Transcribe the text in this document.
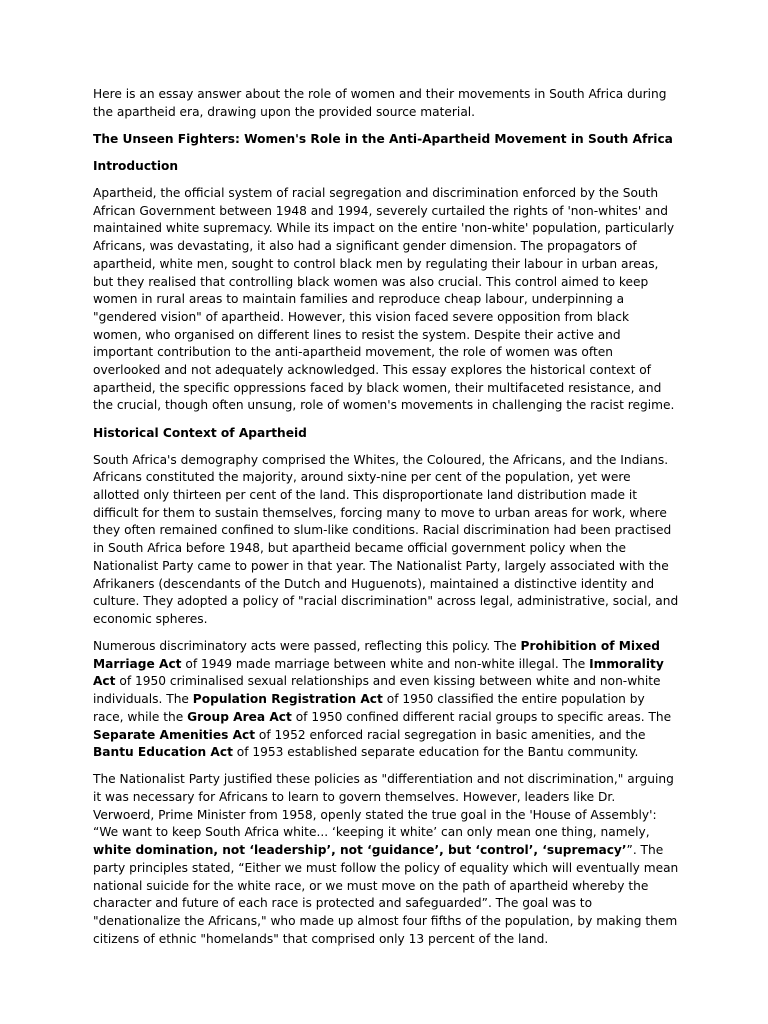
Here is an essay answer about the role of women and their movements in South Africa during the apartheid era, drawing upon the provided source material.

The Unseen Fighters: Women's Role in the Anti-Apartheid Movement in South Africa
Introduction

Apartheid, the official system of racial segregation and discrimination enforced by the South African Government between 1948 and 1994, severely curtailed the rights of 'non-whites' and maintained white supremacy. While its impact on the entire 'non-white' population, particularly Africans, was devastating, it also had a significant gender dimension. The propagators of apartheid, white men, sought to control black men by regulating their labour in urban areas, but they realised that controlling black women was also crucial. This control aimed to keep women in rural areas to maintain families and reproduce cheap labour, underpinning a "gendered vision" of apartheid. However, this vision faced severe opposition from black women, who organised on different lines to resist the system. Despite their active and important contribution to the anti-apartheid movement, the role of women was often overlooked and not adequately acknowledged. This essay explores the historical context of apartheid, the specific oppressions faced by black women, their multifaceted resistance, and the crucial, though often unsung, role of women's movements in challenging the racist regime.

Historical Context of Apartheid

South Africa's demography comprised the Whites, the Coloured, the Africans, and the Indians. Africans constituted the majority, around sixty-nine per cent of the population, yet were allotted only thirteen per cent of the land. This disproportionate land distribution made it difficult for them to sustain themselves, forcing many to move to urban areas for work, where they often remained confined to slum-like conditions. Racial discrimination had been practised in South Africa before 1948, but apartheid became official government policy when the Nationalist Party came to power in that year. The Nationalist Party, largely associated with the Afrikaners (descendants of the Dutch and Huguenots), maintained a distinctive identity and culture. They adopted a policy of "racial discrimination" across legal, administrative, social, and economic spheres.

Numerous discriminatory acts were passed, reflecting this policy. The Prohibition of Mixed Marriage Act of 1949 made marriage between white and non-white illegal. The Immorality Act of 1950 criminalised sexual relationships and even kissing between white and non-white individuals. The Population Registration Act of 1950 classified the entire population by race, while the Group Area Act of 1950 confined different racial groups to specific areas. The Separate Amenities Act of 1952 enforced racial segregation in basic amenities, and the Bantu Education Act of 1953 established separate education for the Bantu community.

The Nationalist Party justified these policies as "differentiation and not discrimination," arguing it was necessary for Africans to learn to govern themselves. However, leaders like Dr. Verwoerd, Prime Minister from 1958, openly stated the true goal in the 'House of Assembly': “We want to keep South Africa white... ‘keeping it white’ can only mean one thing, namely, white domination, not ‘leadership’, not ‘guidance’, but ‘control’, ‘supremacy’”. The party principles stated, “Either we must follow the policy of equality which will eventually mean national suicide for the white race, or we must move on the path of apartheid whereby the character and future of each race is protected and safeguarded”. The goal was to "denationalize the Africans," who made up almost four fifths of the population, by making them citizens of ethnic "homelands" that comprised only 13 percent of the land.
